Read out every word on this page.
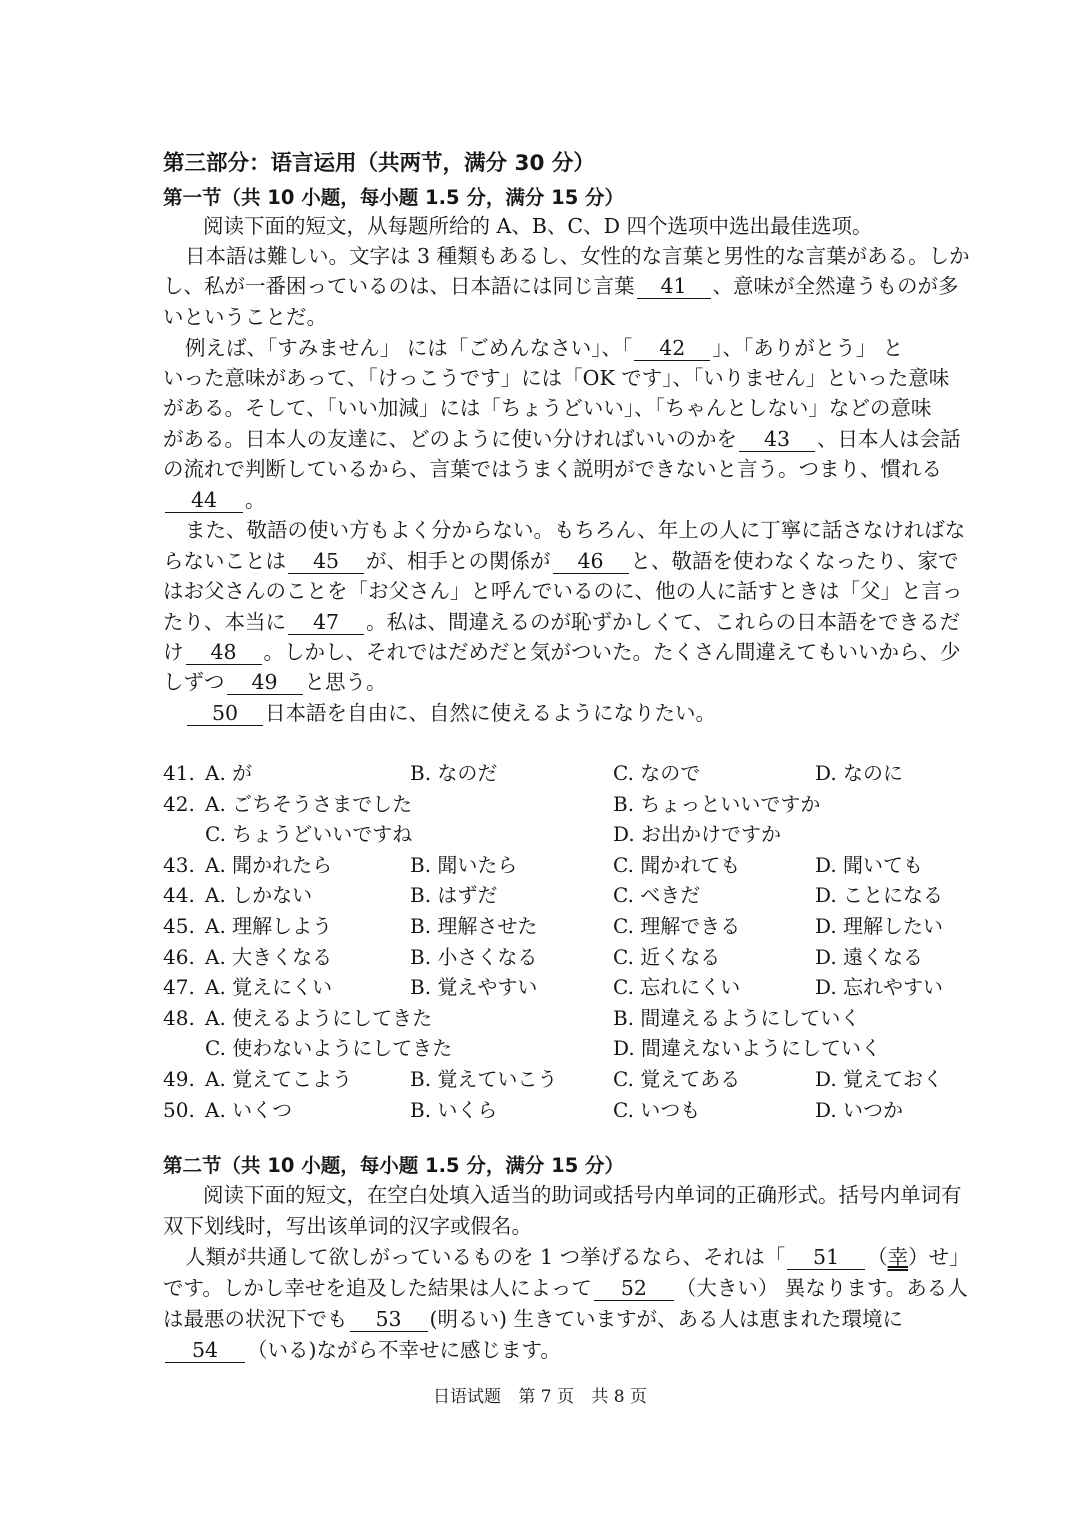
第三部分：语言运用（共两节，满分 30 分）
第一节（共 10 小题，每小题 1.5 分，满分 15 分）
阅读下面的短文，从每题所给的 A、B、C、D 四个选项中选出最佳选项。
日本語は難しい。文字は 3 種類もあるし、女性的な言葉と男性的な言葉がある。しか
し、私が一番困っているのは、日本語には同じ言葉 41 、意味が全然違うものが多
いということだ。
例えば、「すみません」 には「ごめんなさい」、「 42 」、「ありがとう」 と
いった意味があって、「けっこうです」には「OK です」、「いりません」といった意味
がある。そして、「いい加減」には「ちょうどいい」、「ちゃんとしない」などの意味
がある。日本人の友達に、どのように使い分ければいいのかを 43 、日本人は会話
の流れで判断しているから、言葉ではうまく説明ができないと言う。つまり、慣れる
44 。
また、敬語の使い方もよく分からない。もちろん、年上の人に丁寧に話さなければな
らないことは 45 が、相手との関係が 46 と、敬語を使わなくなったり、家で
はお父さんのことを「お父さん」と呼んでいるのに、他の人に話すときは「父」と言っ
たり、本当に 47 。私は、間違えるのが恥ずかしくて、これらの日本語をできるだ
け 48 。しかし、それではだめだと気がついた。たくさん間違えてもいいから、少
しずつ 49 と思う。
50 日本語を自由に、自然に使えるようになりたい。
41. A. が	B. なのだ	C. なので	D. なのに
42. A. ごちそうさまでした	B. ちょっといいですか
C. ちょうどいいですね	D. お出かけですか
43. A. 聞かれたら	B. 聞いたら	C. 聞かれても	D. 聞いても
44. A. しかない	B. はずだ	C. べきだ	D. ことになる
45. A. 理解しよう	B. 理解させた	C. 理解できる	D. 理解したい
46. A. 大きくなる	B. 小さくなる	C. 近くなる	D. 遠くなる
47. A. 覚えにくい	B. 覚えやすい	C. 忘れにくい	D. 忘れやすい
48. A. 使えるようにしてきた	B. 間違えるようにしていく
C. 使わないようにしてきた	D. 間違えないようにしていく
49. A. 覚えてこよう	B. 覚えていこう	C. 覚えてある	D. 覚えておく
50. A. いくつ	B. いくら	C. いつも	D. いつか
第二节（共 10 小题，每小题 1.5 分，满分 15 分）
阅读下面的短文，在空白处填入适当的助词或括号内单词的正确形式。括号内单词有
双下划线时，写出该单词的汉字或假名。
人類が共通して欲しがっているものを 1 つ挙げるなら、それは「 51 （幸）せ」
です。しかし幸せを追及した結果は人によって 52 （大きい） 異なります。ある人
は最悪の状況下でも 53 (明るい) 生きていますが、ある人は恵まれた環境に
54 （いる)ながら不幸せに感じます。
日语试题 第 7 页 共 8 页
